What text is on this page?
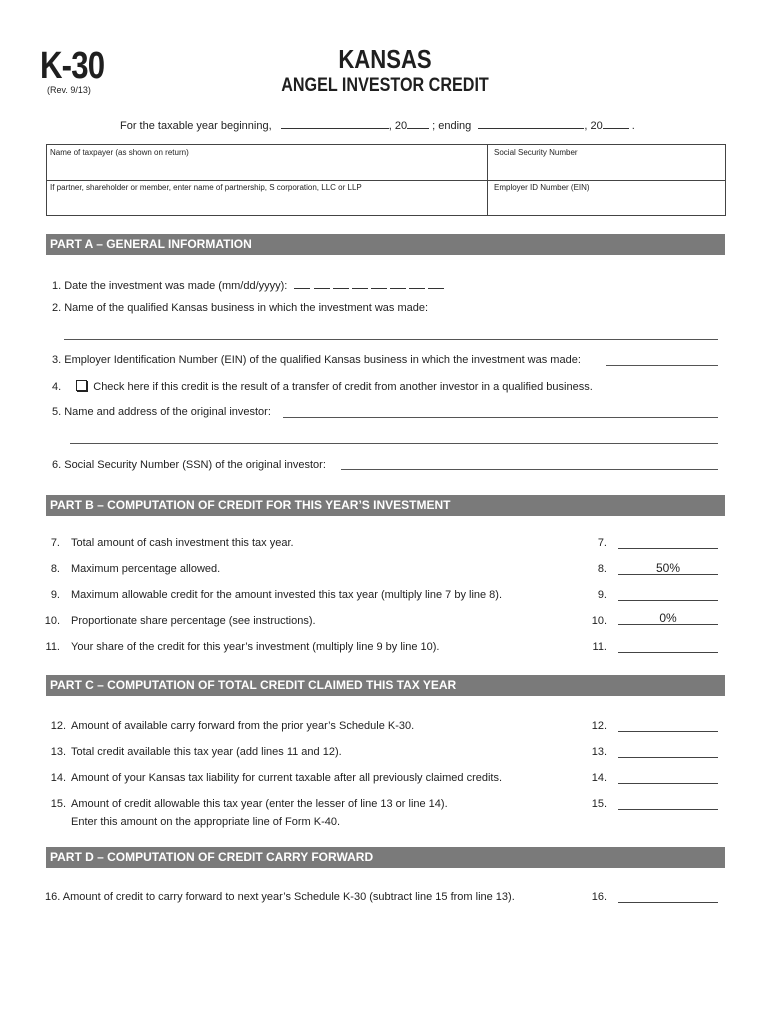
K-30
(Rev. 9/13)
KANSAS
ANGEL INVESTOR CREDIT
For the taxable year beginning,	, 20 ; ending	, 20	.
Name of taxpayer (as shown on return)	Social Security Number
If partner, shareholder or member, enter name of partnership, S corporation, LLC or LLP	Employer ID Number (EIN)
PART A – GENERAL INFORMATION
1. Date the investment was made (mm/dd/yyyy):
2. Name of the qualified Kansas business in which the investment was made:
3. Employer Identification Number (EIN) of the qualified Kansas business in which the investment was made:
4.	Check here if this credit is the result of a transfer of credit from another investor in a qualified business.
5. Name and address of the original investor:
6. Social Security Number (SSN) of the original investor:
PART B – COMPUTATION OF CREDIT FOR THIS YEAR’S INVESTMENT
7. Total amount of cash investment this tax year.	7.
8. Maximum percentage allowed.	8.	50%
9. Maximum allowable credit for the amount invested this tax year (multiply line 7 by line 8).	9.
10. Proportionate share percentage (see instructions).	10.	0%
11. Your share of the credit for this year’s investment (multiply line 9 by line 10).	11.
PART C – COMPUTATION OF TOTAL CREDIT CLAIMED THIS TAX YEAR
12. Amount of available carry forward from the prior year’s Schedule K-30.	12.
13. Total credit available this tax year (add lines 11 and 12).	13.
14. Amount of your Kansas tax liability for current taxable after all previously claimed credits.	14.
15. Amount of credit allowable this tax year (enter the lesser of line 13 or line 14).	15.
Enter this amount on the appropriate line of Form K-40.
PART D – COMPUTATION OF CREDIT CARRY FORWARD
16. Amount of credit to carry forward to next year’s Schedule K-30 (subtract line 15 from line 13).	16.
